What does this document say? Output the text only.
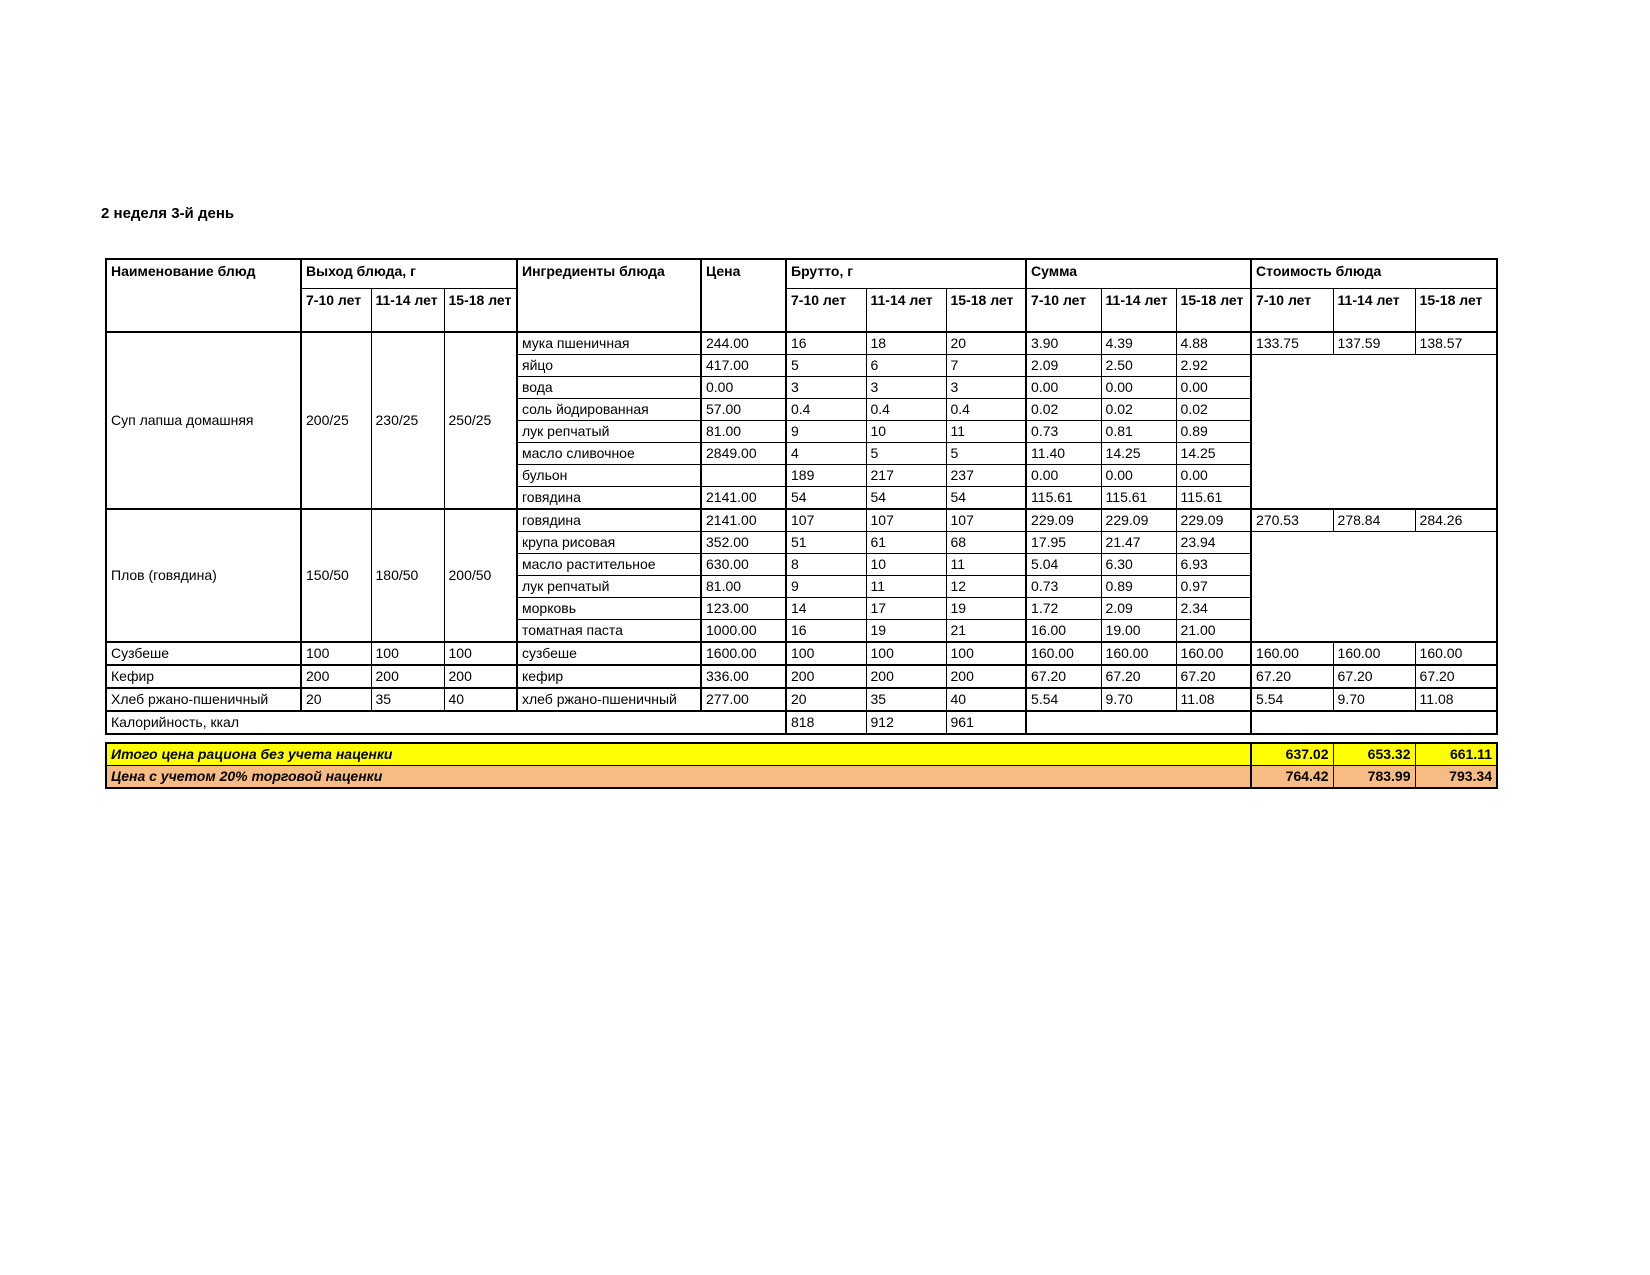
2 неделя 3-й день
Наименование блюд	Выход блюда, г			Ингредиенты блюда	Цена	Брутто, г			Сумма			Стоимость блюда		
	7-10 лет	11-14 лет	15-18 лет			7-10 лет	11-14 лет	15-18 лет	7-10 лет	11-14 лет	15-18 лет	7-10 лет	11-14 лет	15-18 лет
Суп лапша домашняя	200/25	230/25	250/25	мука пшеничная	244.00	16	18	20	3.90	4.39	4.88	133.75	137.59	138.57
				яйцо	417.00	5	6	7	2.09	2.50	2.92			
				вода	0.00	3	3	3	0.00	0.00	0.00			
				соль йодированная	57.00	0.4	0.4	0.4	0.02	0.02	0.02			
				лук репчатый	81.00	9	10	11	0.73	0.81	0.89			
				масло сливочное	2849.00	4	5	5	11.40	14.25	14.25			
				бульон		189	217	237	0.00	0.00	0.00			
				говядина	2141.00	54	54	54	115.61	115.61	115.61			
Плов (говядина)	150/50	180/50	200/50	говядина	2141.00	107	107	107	229.09	229.09	229.09	270.53	278.84	284.26
				крупа рисовая	352.00	51	61	68	17.95	21.47	23.94			
				масло растительное	630.00	8	10	11	5.04	6.30	6.93			
				лук репчатый	81.00	9	11	12	0.73	0.89	0.97			
				морковь	123.00	14	17	19	1.72	2.09	2.34			
				томатная паста	1000.00	16	19	21	16.00	19.00	21.00			
Сузбеше	100	100	100	сузбеше	1600.00	100	100	100	160.00	160.00	160.00	160.00	160.00	160.00
Кефир	200	200	200	кефир	336.00	200	200	200	67.20	67.20	67.20	67.20	67.20	67.20
Хлеб ржано-пшеничный	20	35	40	хлеб ржано-пшеничный	277.00	20	35	40	5.54	9.70	11.08	5.54	9.70	11.08
Калорийность, ккал						818	912	961						
Итого цена рациона без учета наценки	637.02	653.32	661.11
Цена с учетом 20% торговой наценки	764.42	783.99	793.34
